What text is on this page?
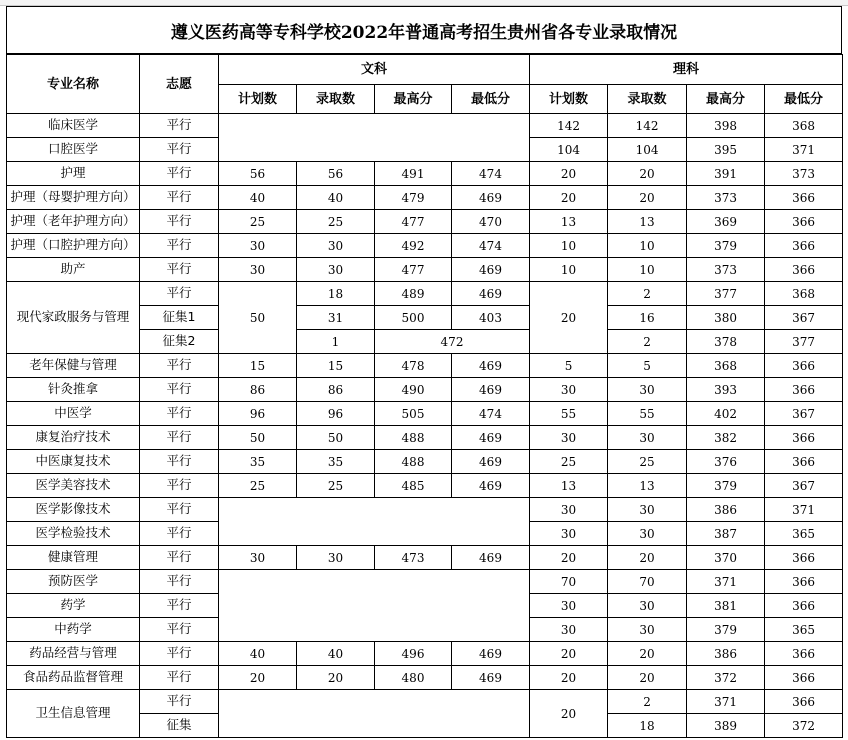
遵义医药高等专科学校2022年普通高考招生贵州省各专业录取情况
专业名称	志愿	文科				理科			
		计划数	录取数	最高分	最低分	计划数	录取数	最高分	最低分
临床医学	平行					142	142	398	368
口腔医学	平行					104	104	395	371
护理	平行	56	56	491	474	20	20	391	373
护理（母婴护理方向）	平行	40	40	479	469	20	20	373	366
护理（老年护理方向）	平行	25	25	477	470	13	13	369	366
护理（口腔护理方向）	平行	30	30	492	474	10	10	379	366
助产	平行	30	30	477	469	10	10	373	366
现代家政服务与管理	平行	50	18	489	469	20	2	377	368
	征集1		31	500	403		16	380	367
	征集2		1	472			2	378	377
老年保健与管理	平行	15	15	478	469	5	5	368	366
针灸推拿	平行	86	86	490	469	30	30	393	366
中医学	平行	96	96	505	474	55	55	402	367
康复治疗技术	平行	50	50	488	469	30	30	382	366
中医康复技术	平行	35	35	488	469	25	25	376	366
医学美容技术	平行	25	25	485	469	13	13	379	367
医学影像技术	平行					30	30	386	371
医学检验技术	平行					30	30	387	365
健康管理	平行	30	30	473	469	20	20	370	366
预防医学	平行					70	70	371	366
药学	平行					30	30	381	366
中药学	平行					30	30	379	365
药品经营与管理	平行	40	40	496	469	20	20	386	366
食品药品监督管理	平行	20	20	480	469	20	20	372	366
卫生信息管理	平行					20	2	371	366
	征集						18	389	372
